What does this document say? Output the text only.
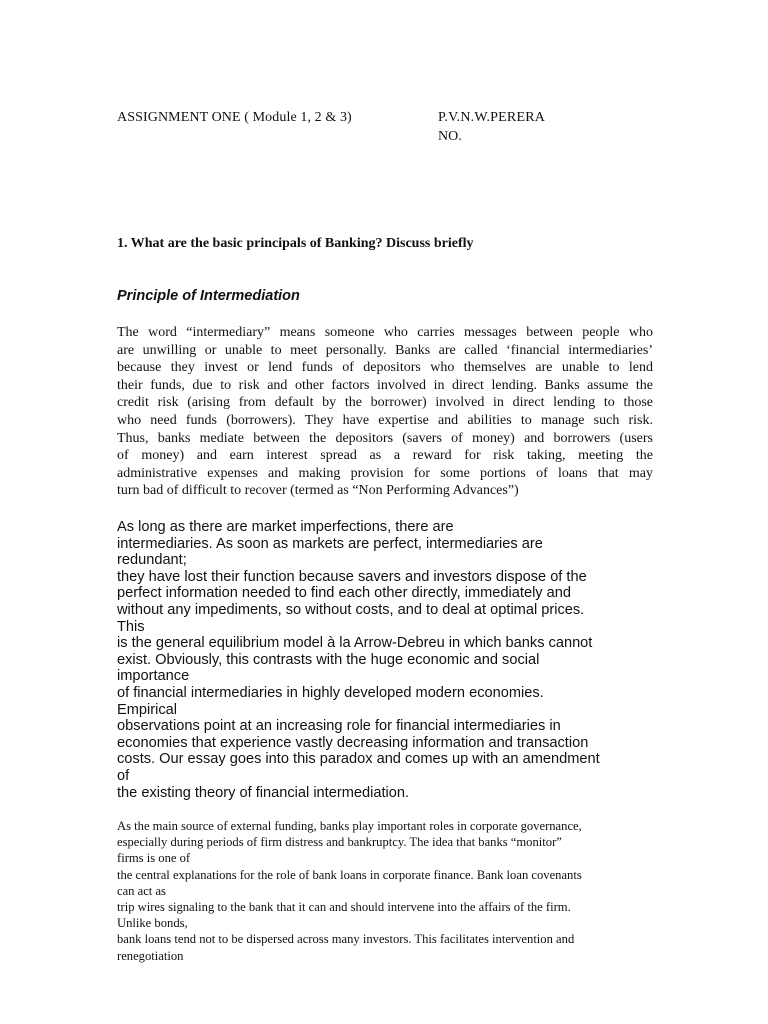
ASSIGNMENT ONE ( Module 1, 2 & 3)	P.V.N.W.PERERA
NO.
1. What are the basic principals of Banking? Discuss briefly
Principle of Intermediation
The word “intermediary” means someone who carries messages between people who
are unwilling or unable to meet personally. Banks are called ‘financial intermediaries’
because they invest or lend funds of depositors who themselves are unable to lend
their funds, due to risk and other factors involved in direct lending. Banks assume the
credit risk (arising from default by the borrower) involved in direct lending to those
who need funds (borrowers). They have expertise and abilities to manage such risk.
Thus, banks mediate between the depositors (savers of money) and borrowers (users
of money) and earn interest spread as a reward for risk taking, meeting the
administrative expenses and making provision for some portions of loans that may
turn bad of difficult to recover (termed as “Non Performing Advances”)
As long as there are market imperfections, there are
intermediaries. As soon as markets are perfect, intermediaries are
redundant;
they have lost their function because savers and investors dispose of the
perfect information needed to find each other directly, immediately and
without any impediments, so without costs, and to deal at optimal prices.
This
is the general equilibrium model à la Arrow-Debreu in which banks cannot
exist. Obviously, this contrasts with the huge economic and social
importance
of financial intermediaries in highly developed modern economies.
Empirical
observations point at an increasing role for financial intermediaries in
economies that experience vastly decreasing information and transaction
costs. Our essay goes into this paradox and comes up with an amendment
of
the existing theory of financial intermediation.
As the main source of external funding, banks play important roles in corporate governance,
especially during periods of firm distress and bankruptcy. The idea that banks “monitor”
firms is one of
the central explanations for the role of bank loans in corporate finance. Bank loan covenants
can act as
trip wires signaling to the bank that it can and should intervene into the affairs of the firm.
Unlike bonds,
bank loans tend not to be dispersed across many investors. This facilitates intervention and
renegotiation
